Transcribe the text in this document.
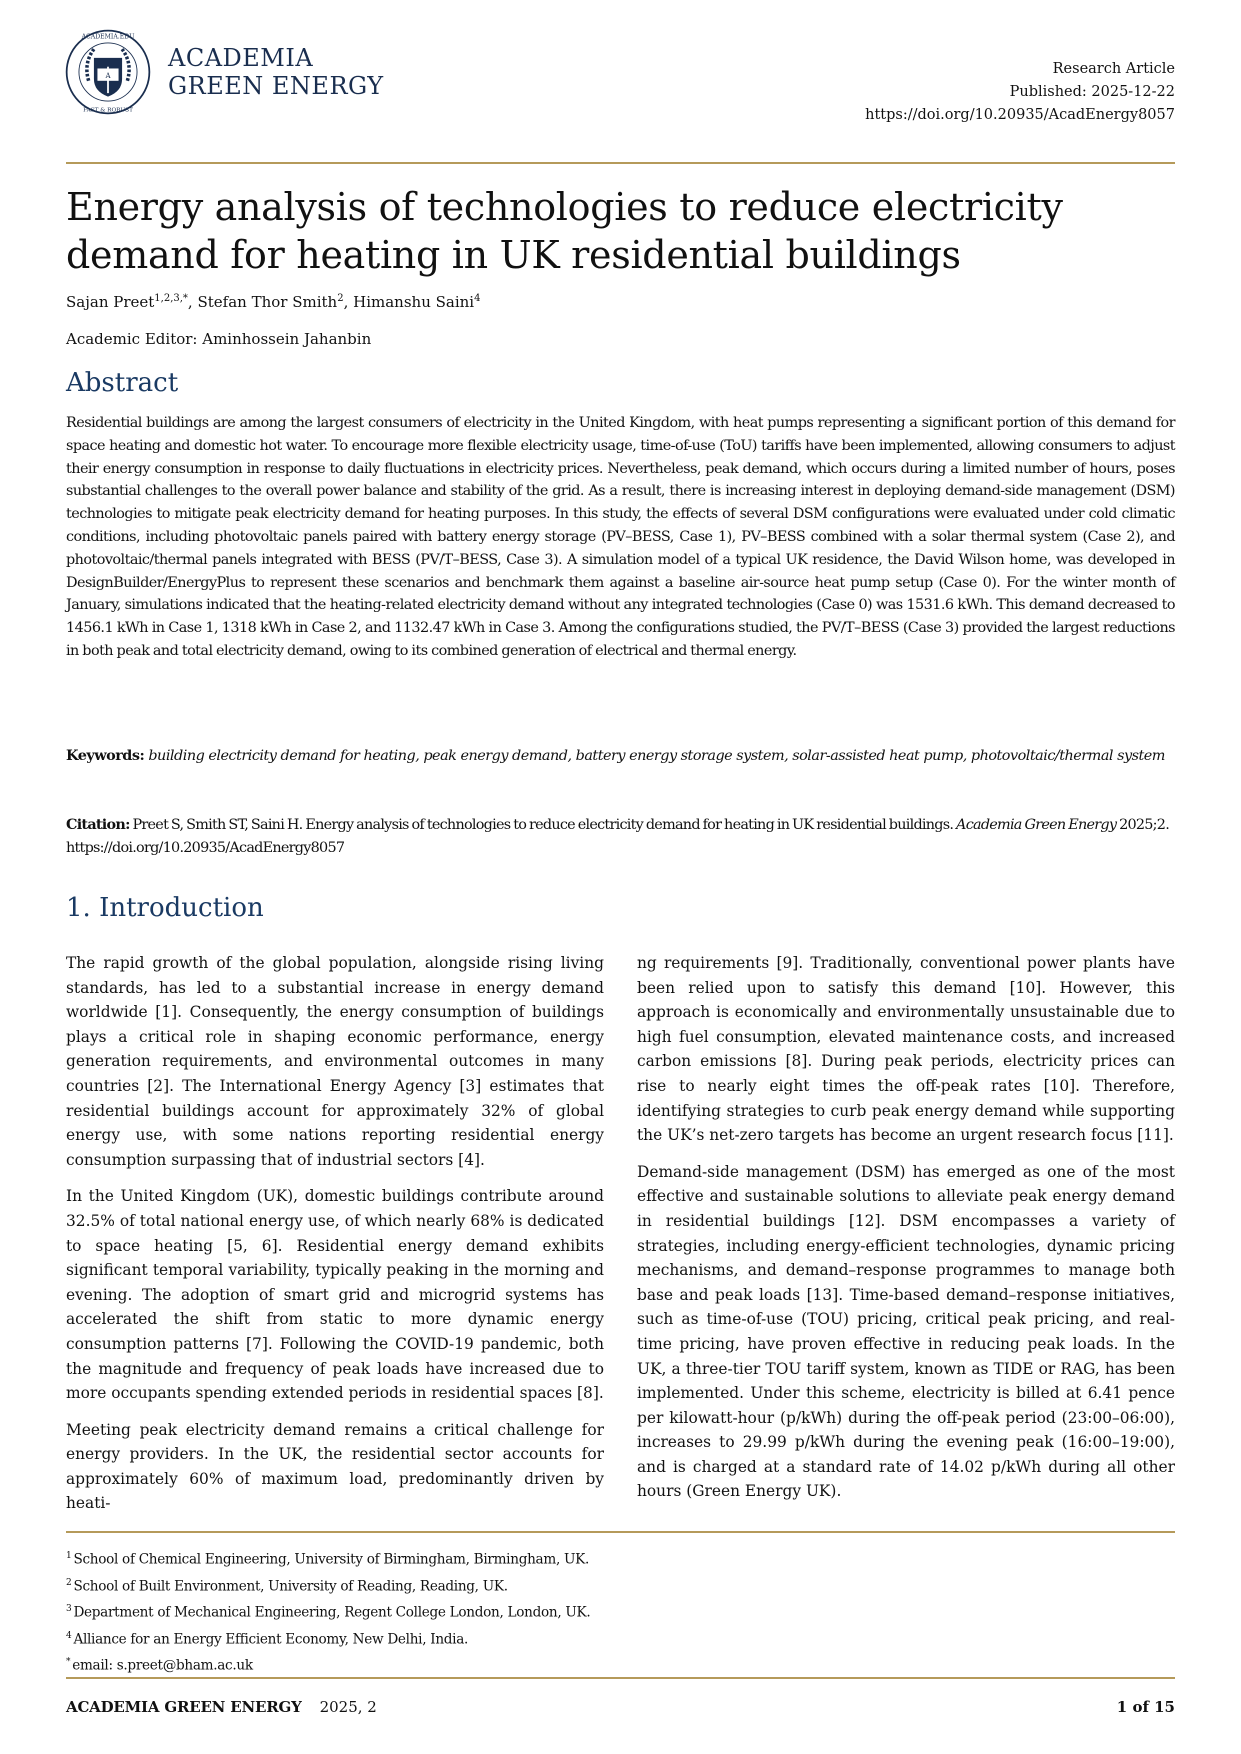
A
ACADEMIA.EDU
FAST & ROBUST
ACADEMIA
GREEN ENERGY
Research Article
Published: 2025-12-22
https://doi.org/10.20935/AcadEnergy8057
Energy analysis of technologies to reduce electricity demand for heating in UK residential buildings
Sajan Preet$^{1,2,3,*}$, Stefan Thor Smith$^2$, Himanshu Saini$^4$
Academic Editor: Aminhossein Jahanbin
Abstract

Residential buildings are among the largest consumers of electricity in the United Kingdom, with heat pumps representing a significant portion of this demand for space heating and domestic hot water. To encourage more flexible electricity usage, time-of-use (ToU) tariffs have been implemented, allowing consumers to adjust their energy consumption in response to daily fluctuations in electricity prices. Nevertheless, peak demand, which occurs during a limited number of hours, poses substantial challenges to the overall power balance and stability of the grid. As a result, there is increasing interest in deploying demand-side management (DSM) technologies to mitigate peak electricity demand for heating purposes. In this study, the effects of several DSM configurations were evaluated under cold climatic conditions, including photovoltaic panels paired with battery energy storage (PV–BESS, Case 1), PV–BESS combined with a solar thermal system (Case 2), and photovoltaic/thermal panels integrated with BESS (PV/T–BESS, Case 3). A simulation model of a typical UK residence, the David Wilson home, was developed in DesignBuilder/EnergyPlus to represent these scenarios and benchmark them against a baseline air-source heat pump setup (Case 0). For the winter month of January, simulations indicated that the heating-related electricity demand without any integrated technologies (Case 0) was 1531.6 kWh. This demand decreased to 1456.1 kWh in Case 1, 1318 kWh in Case 2, and 1132.47 kWh in Case 3. Among the configurations studied, the PV/T–BESS (Case 3) provided the largest reductions in both peak and total electricity demand, owing to its combined generation of electrical and thermal energy.

Keywords: building electricity demand for heating, peak energy demand, battery energy storage system, solar-assisted heat pump, photovoltaic/thermal system

Citation: Preet S, Smith ST, Saini H. Energy analysis of technologies to reduce electricity demand for heating in UK residential buildings. Academia Green Energy 2025;2. https://doi.org/10.20935/AcadEnergy8057

1. Introduction

The rapid growth of the global population, alongside rising living standards, has led to a substantial increase in energy demand worldwide [1]. Consequently, the energy consumption of buildings plays a critical role in shaping economic performance, energy generation requirements, and environmental outcomes in many countries [2]. The International Energy Agency [3] estimates that residential buildings account for approximately 32% of global energy use, with some nations reporting residential energy consumption surpassing that of industrial sectors [4].

In the United Kingdom (UK), domestic buildings contribute around 32.5% of total national energy use, of which nearly 68% is dedicated to space heating [5, 6]. Residential energy demand exhibits significant temporal variability, typically peaking in the morning and evening. The adoption of smart grid and microgrid systems has accelerated the shift from static to more dynamic energy consumption patterns [7]. Following the COVID-19 pandemic, both the magnitude and frequency of peak loads have increased due to more occupants spending extended periods in residential spaces [8].

Meeting peak electricity demand remains a critical challenge for energy providers. In the UK, the residential sector accounts for approximately 60% of maximum load, predominantly driven by heati-

ng requirements [9]. Traditionally, conventional power plants have been relied upon to satisfy this demand [10]. However, this approach is economically and environmentally unsustainable due to high fuel consumption, elevated maintenance costs, and increased carbon emissions [8]. During peak periods, electricity prices can rise to nearly eight times the off-peak rates [10]. Therefore, identifying strategies to curb peak energy demand while supporting the UK’s net-zero targets has become an urgent research focus [11].

Demand-side management (DSM) has emerged as one of the most effective and sustainable solutions to alleviate peak energy demand in residential buildings [12]. DSM encompasses a variety of strategies, including energy-efficient technologies, dynamic pricing mechanisms, and demand–response programmes to manage both base and peak loads [13]. Time-based demand–response initiatives, such as time-of-use (TOU) pricing, critical peak pricing, and real-time pricing, have proven effective in reducing peak loads. In the UK, a three-tier TOU tariff system, known as TIDE or RAG, has been implemented. Under this scheme, electricity is billed at 6.41 pence per kilowatt-hour (p/kWh) during the off-peak period (23:00–06:00), increases to 29.99 p/kWh during the evening peak (16:00–19:00), and is charged at a standard rate of 14.02 p/kWh during all other hours (Green Energy UK).

$^1$ School of Chemical Engineering, University of Birmingham, Birmingham, UK.
$^2$ School of Built Environment, University of Reading, Reading, UK.
$^3$ Department of Mechanical Engineering, Regent College London, London, UK.
$^4$ Alliance for an Energy Efficient Economy, New Delhi, India.
* email: s.preet@bham.ac.uk
ACADEMIA GREEN ENERGY 2025, 2	1 of 15
